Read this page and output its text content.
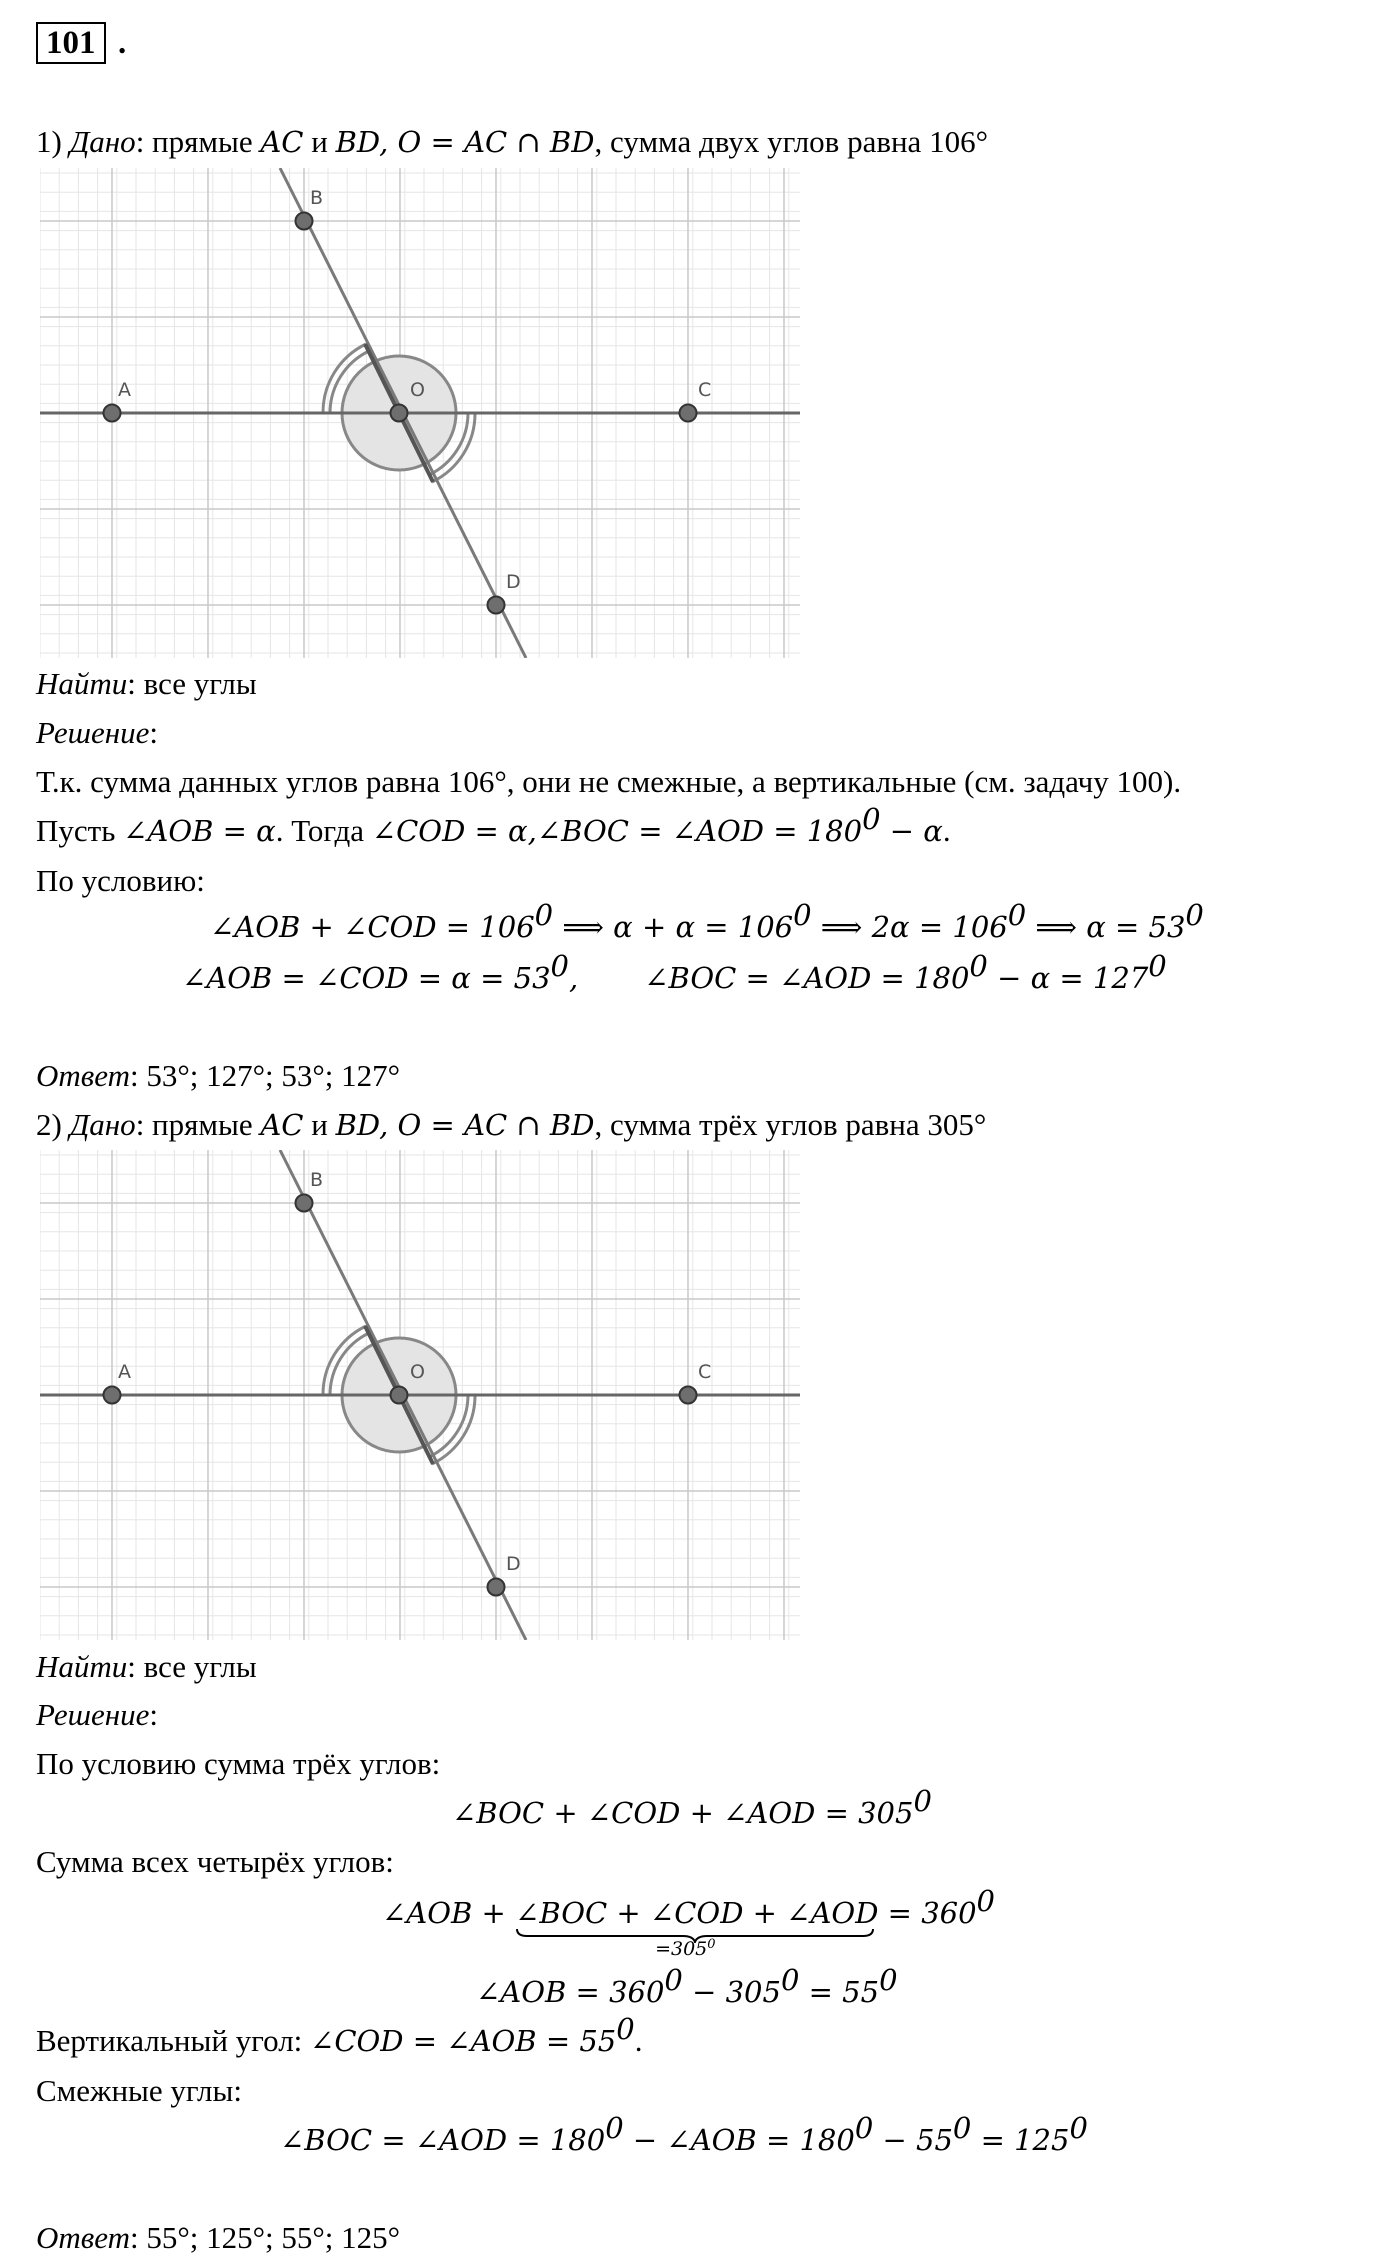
101 .
1) Дано: прямые AC и BD, O = AC ∩ BD, сумма двух углов равна 106°
A
B
C
D
O
Найти: все углы
Решение:
Т.к. сумма данных углов равна 106°, они не смежные, а вертикальные (см. задачу 100).
Пусть ∠AOB = α. Тогда ∠COD = α,∠BOC = ∠AOD = $180^0 - \alpha$.
По условию:
∠AOB + ∠COD = $106^0$ ⟹ $\alpha + \alpha = 106^0$ ⟹ $2\alpha = 106^0$ ⟹ $\alpha = 53^0$
∠AOB = ∠COD = $\alpha = 53^0$, ∠BOC = ∠AOD = $180^0 - \alpha = 127^0$
Ответ: 53°; 127°; 53°; 127°
2) Дано: прямые AC и BD, O = AC ∩ BD, сумма трёх углов равна 305°
A
B
C
D
O
Найти: все углы
Решение:
По условию сумма трёх углов:
∠BOC + ∠COD + ∠AOD = $305^0$
Сумма всех четырёх углов:
∠AOB + ∠BOC + ∠COD + ∠AOD
$=305^0$
= $360^0$
∠AOB = $360^0 - 305^0 = 55^0$
Вертикальный угол: ∠COD = ∠AOB = $55^0$.
Смежные углы:
∠BOC = ∠AOD = $180^0$ − ∠AOB = $180^0 - 55^0 = 125^0$
Ответ: 55°; 125°; 55°; 125°
